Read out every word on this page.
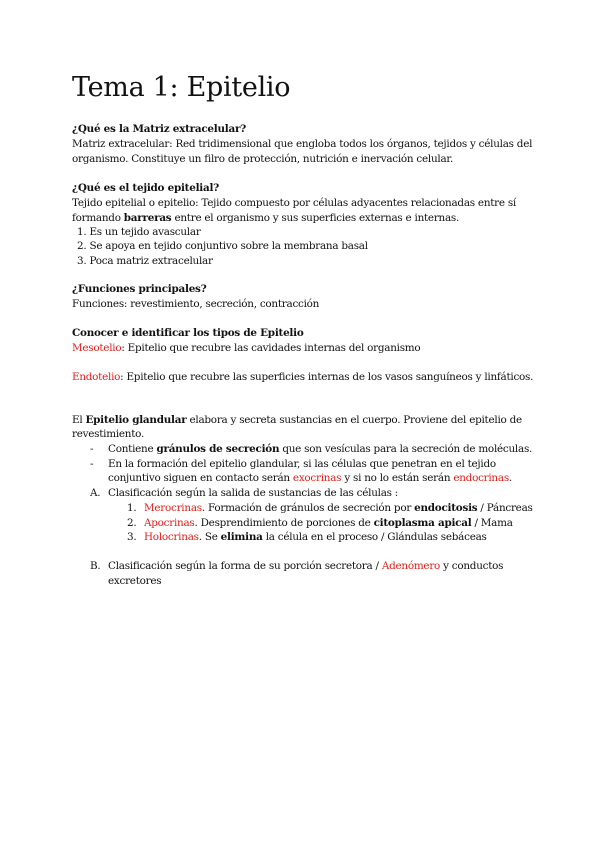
Tema 1: Epitelio
¿Qué es la Matriz extracelular?
Matriz extracelular: Red tridimensional que engloba todos los órganos, tejidos y células del
organismo. Constituye un filro de protección, nutrición e inervación celular.
¿Qué es el tejido epitelial?
Tejido epitelial o epitelio: Tejido compuesto por células adyacentes relacionadas entre sí
formando barreras entre el organismo y sus superficies externas e internas.
1. Es un tejido avascular
2. Se apoya en tejido conjuntivo sobre la membrana basal
3. Poca matriz extracelular
¿Funciones principales?
Funciones: revestimiento, secreción, contracción
Conocer e identificar los tipos de Epitelio
Mesotelio: Epitelio que recubre las cavidades internas del organismo
Endotelio: Epitelio que recubre las superficies internas de los vasos sanguíneos y linfáticos.
El Epitelio glandular elabora y secreta sustancias en el cuerpo. Proviene del epitelio de
revestimiento.
- Contiene gránulos de secreción que son vesículas para la secreción de moléculas.
- En la formación del epitelio glandular, si las células que penetran en el tejido
conjuntivo siguen en contacto serán exocrinas y si no lo están serán endocrinas.
A. Clasificación según la salida de sustancias de las células :
1. Merocrinas. Formación de gránulos de secreción por endocitosis / Páncreas
2. Apocrinas. Desprendimiento de porciones de citoplasma apical / Mama
3. Holocrinas. Se elimina la célula en el proceso / Glándulas sebáceas
B. Clasificación según la forma de su porción secretora / Adenómero y conductos
excretores
